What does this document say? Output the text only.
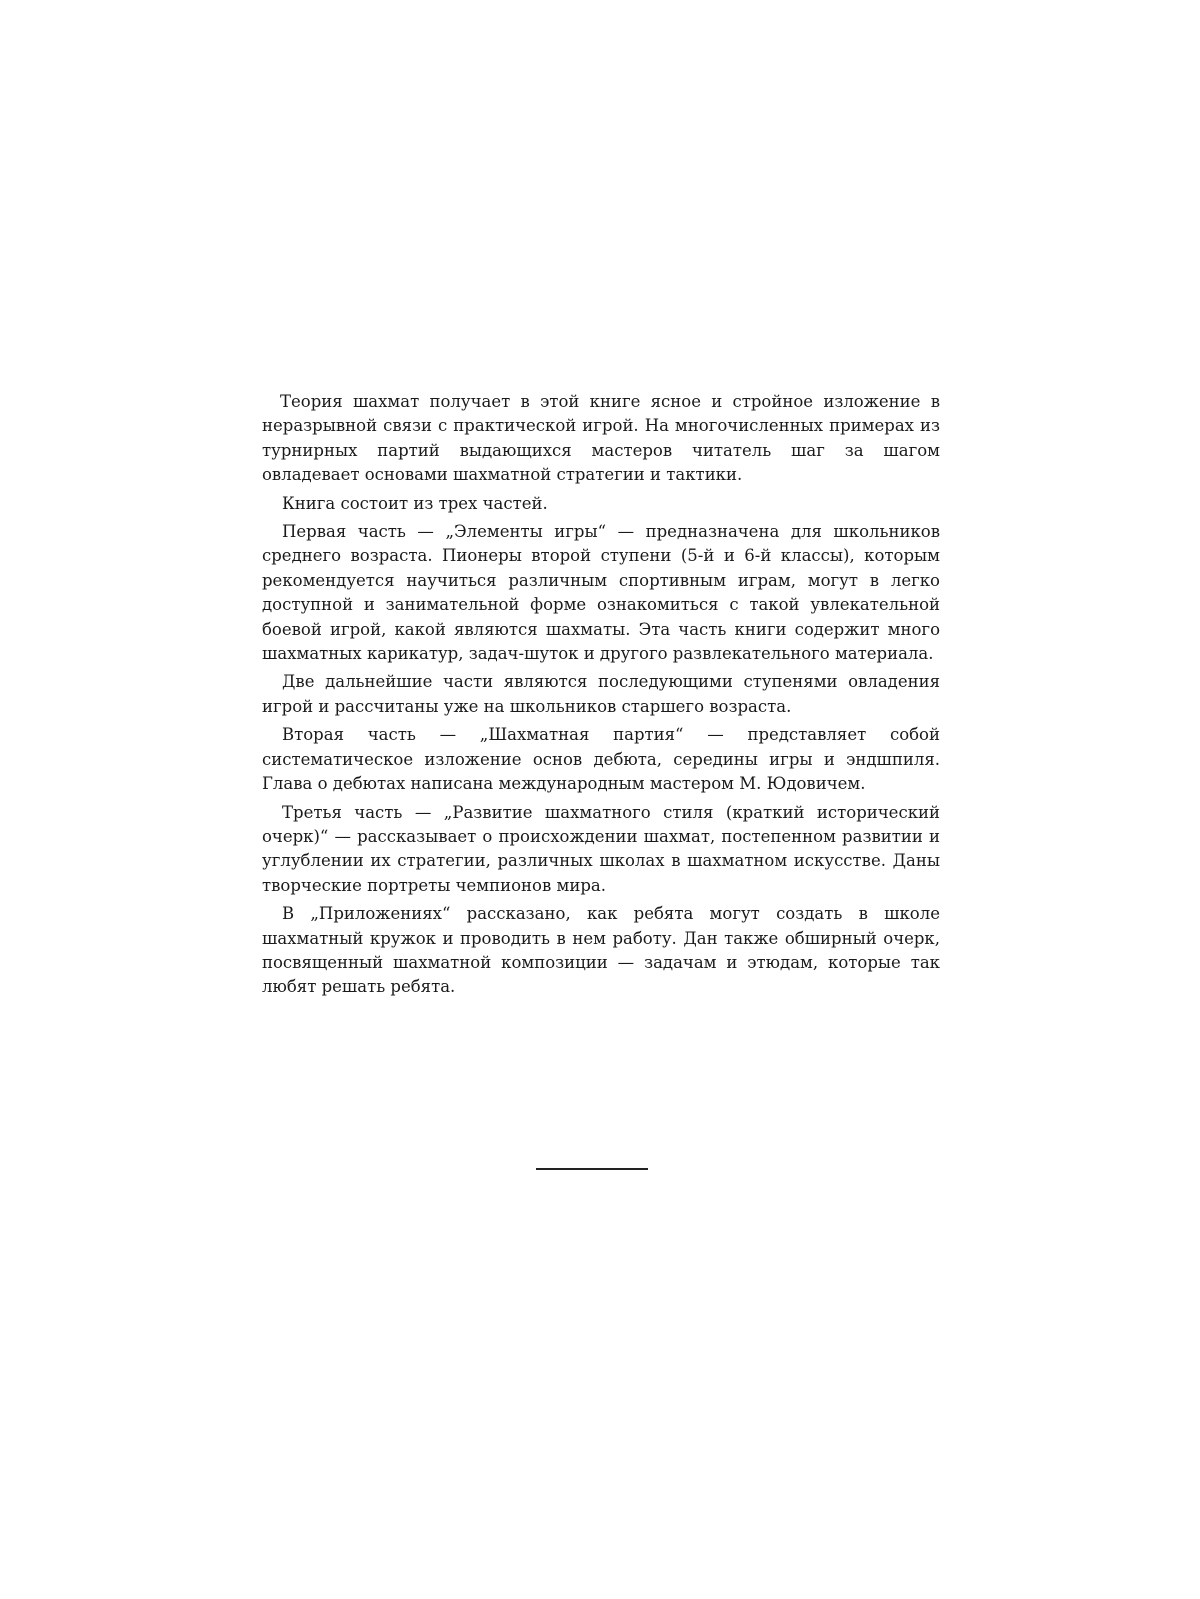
Теория шахмат получает в этой книге ясное и стройное изложение в неразрывной связи с практической игрой. На многочисленных примерах из турнирных партий выдающихся мастеров читатель шаг за шагом овладевает основами шахматной стратегии и тактики.

Книга состоит из трех частей.

Первая часть — „Элементы игры“ — предназначена для школьников среднего возраста. Пионеры второй ступени (5-й и 6-й классы), которым рекомендуется научиться различным спортивным играм, могут в легко доступной и занимательной форме ознакомиться с такой увлекательной боевой игрой, какой являются шахматы. Эта часть книги содержит много шахматных карикатур, задач-шуток и другого развлекательного материала.

Две дальнейшие части являются последующими ступенями овладения игрой и рассчитаны уже на школьников старшего возраста.

Вторая часть — „Шахматная партия“ — представляет собой систематическое изложение основ дебюта, середины игры и эндшпиля. Глава о дебютах написана международным мастером М. Юдовичем.

Третья часть — „Развитие шахматного стиля (краткий исторический очерк)“ — рассказывает о происхождении шахмат, постепенном развитии и углублении их стратегии, различных школах в шахматном искусстве. Даны творческие портреты чемпионов мира.

В „Приложениях“ рассказано, как ребята могут создать в школе шахматный кружок и проводить в нем работу. Дан также обширный очерк, посвященный шахматной композиции — задачам и этюдам, которые так любят решать ребята.
